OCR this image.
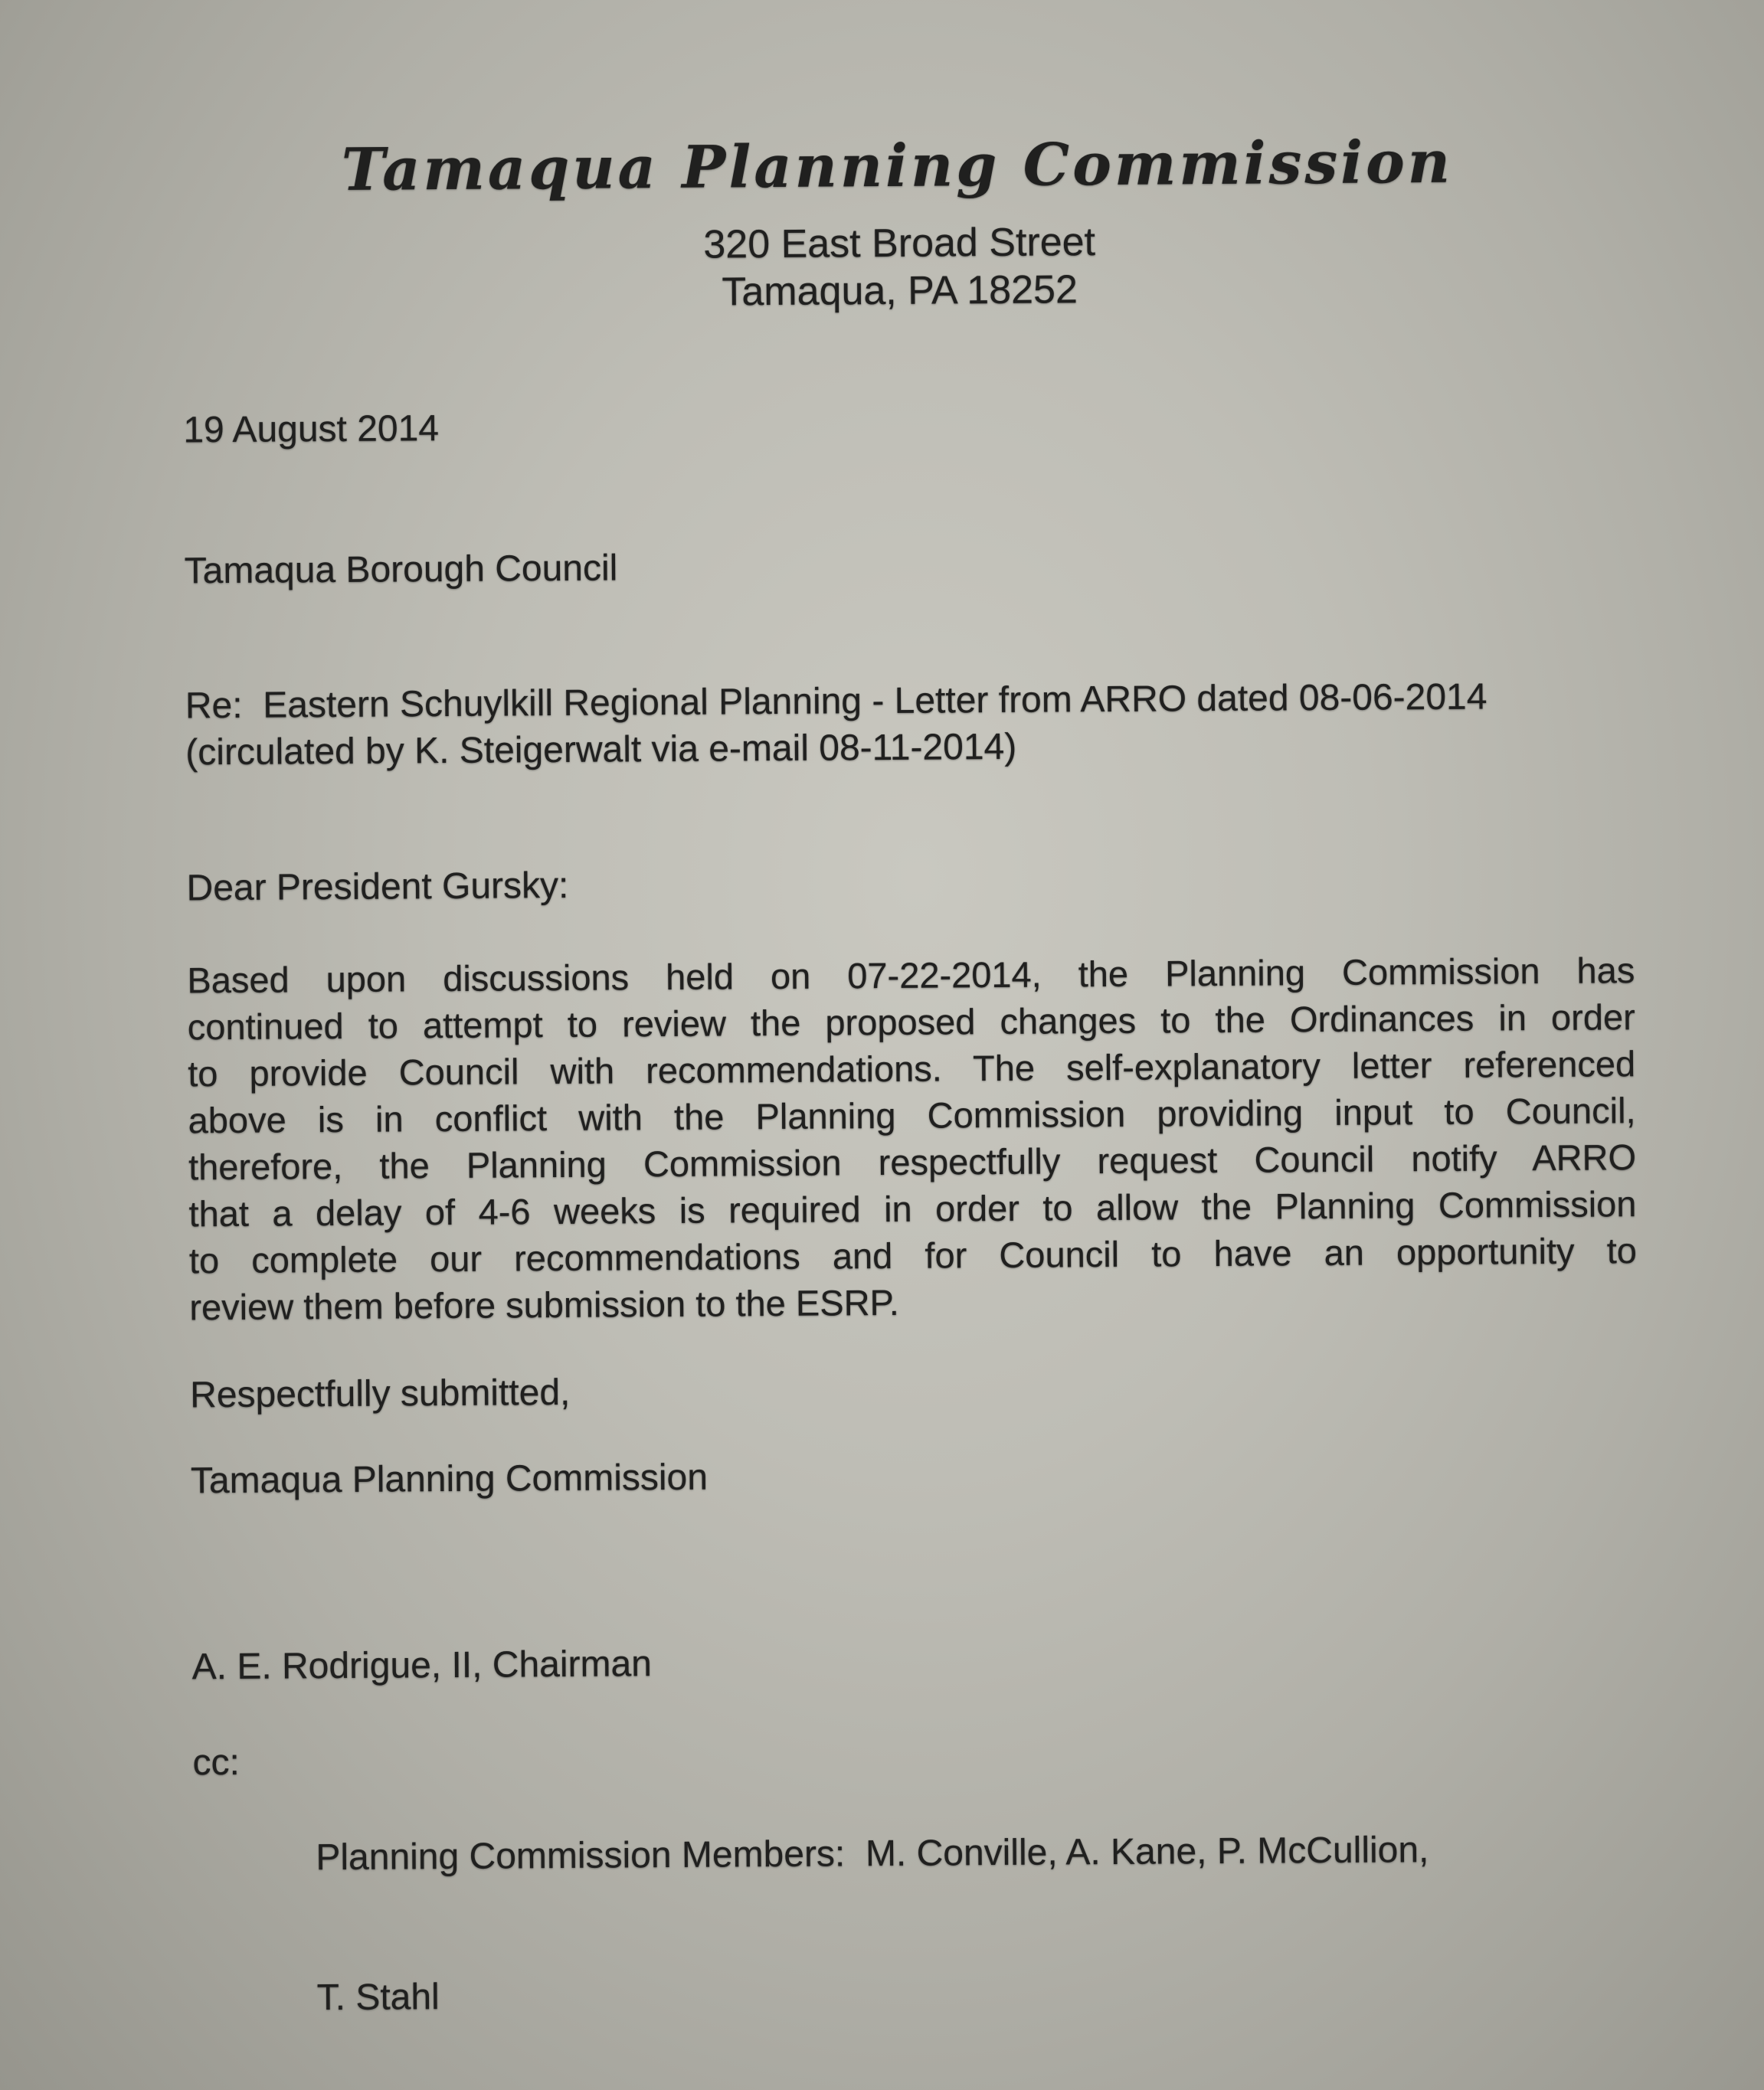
Tamaqua Planning Commission
320 East Broad Street
Tamaqua, PA 18252
19 August 2014
Tamaqua Borough Council
Re:  Eastern Schuylkill Regional Planning - Letter from ARRO dated 08-06-2014
(circulated by K. Steigerwalt via e-mail 08-11-2014)
Dear President Gursky:
Based upon discussions held on 07-22-2014, the Planning Commission has
continued to attempt to review the proposed changes to the Ordinances in order
to provide Council with recommendations. The self-explanatory letter referenced
above is in conflict with the Planning Commission providing input to Council,
therefore, the Planning Commission respectfully request Council notify ARRO
that a delay of 4-6 weeks is required in order to allow the Planning Commission
to complete our recommendations and for Council to have an opportunity to
review them before submission to the ESRP.
Respectfully submitted,
Tamaqua Planning Commission
A. E. Rodrigue, II, Chairman
cc:

Planning Commission Members:  M. Conville, A. Kane, P. McCullion,

T. Stahl
